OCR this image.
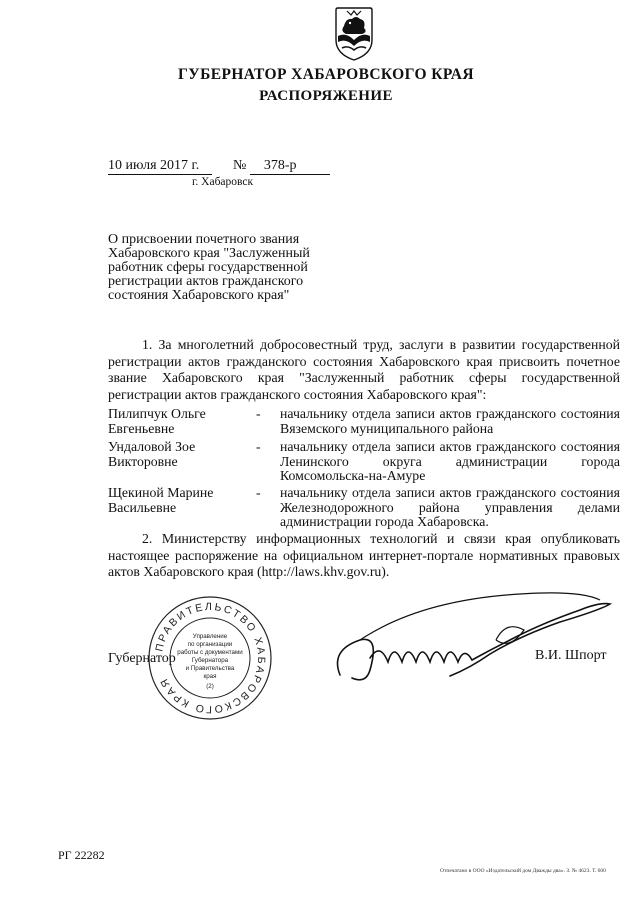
ГУБЕРНАТОР ХАБАРОВСКОГО КРАЯ
РАСПОРЯЖЕНИЕ
10 июля 2017 г. № 378-р
г. Хабаровск
О присвоении почетного звания Хабаровского края "Заслуженный работник сферы государственной регистрации актов гражданского состояния Хабаровского края"
1. За многолетний добросовестный труд, заслуги в развитии государственной регистрации актов гражданского состояния Хабаровского края присвоить почетное звание Хабаровского края "Заслуженный работник сферы государственной регистрации актов гражданского состояния Хабаровского края":
Пилипчук Ольге Евгеньевне
-	начальнику отдела записи актов гражданского состояния Вяземского муниципального района
Ундаловой Зое Викторовне
-	начальнику отдела записи актов гражданского состояния Ленинского округа администрации города Комсомольска-на-Амуре
Щекиной Марине Васильевне
-	начальнику отдела записи актов гражданского состояния Железнодорожного района управления делами администрации города Хабаровска.
2. Министерству информационных технологий и связи края опубликовать настоящее распоряжение на официальном интернет-портале нормативных правовых актов Хабаровского края (http://laws.khv.gov.ru).
Губернатор	В.И. Шпорт
ПРАВИТЕЛЬСТВО ХАБАРОВСКОГО КРАЯ
Управление
по организации
работы с документами
Губернатора
и Правительства
края
(2)
РГ 22282
Отпечатано в ООО «Издательский дом Дважды два». З. № 4623. Т. 600
